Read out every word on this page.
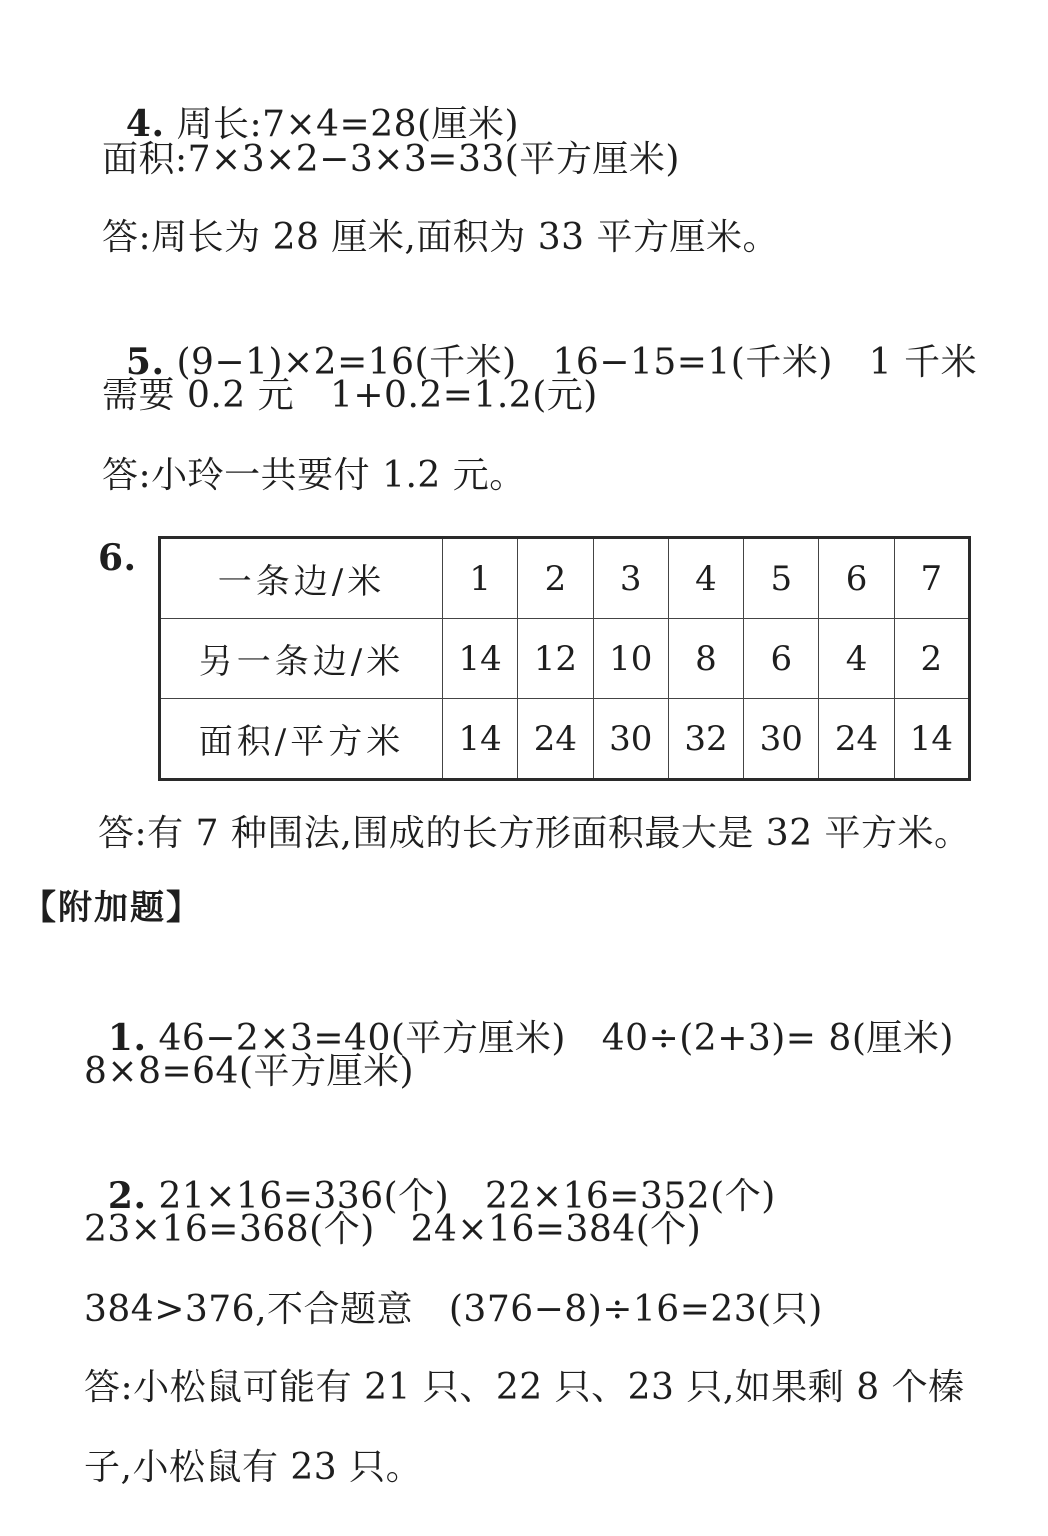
4. 周长:7×4=28(厘米)

面积:7×3×2−3×3=33(平方厘米)
答:周长为 28 厘米,面积为 33 平方厘米。

5. (9−1)×2=16(千米)   16−15=1(千米)   1 千米

需要 0.2 元   1+0.2=1.2(元)
答:小玲一共要付 1.2 元。
6.
一条边/米	1	2	3	4	5	6	7
另一条边/米	14	12	10	8	6	4	2
面积/平方米	14	24	30	32	30	24	14
答:有 7 种围法,围成的长方形面积最大是 32 平方米。
【附加题】

1. 46−2×3=40(平方厘米)   40÷(2+3)= 8(厘米)

8×8=64(平方厘米)

2. 21×16=336(个)   22×16=352(个)

23×16=368(个)   24×16=384(个)
384>376,不合题意   (376−8)÷16=23(只)
答:小松鼠可能有 21 只、22 只、23 只,如果剩 8 个榛
子,小松鼠有 23 只。
